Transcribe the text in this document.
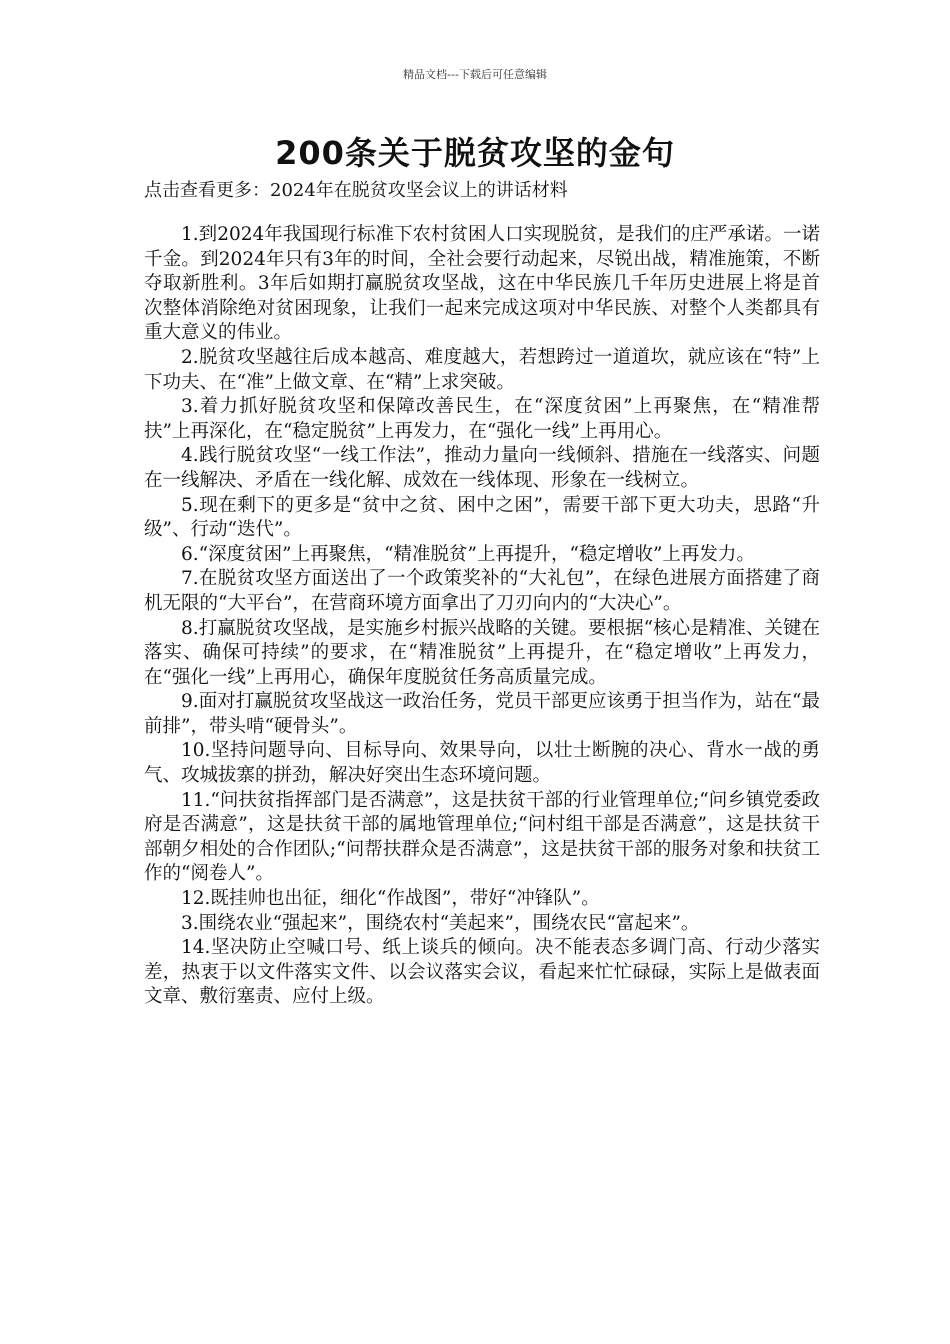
精品文档---下载后可任意编辑
200条关于脱贫攻坚的金句
点击查看更多：2024年在脱贫攻坚会议上的讲话材料

1.到2024年我国现行标准下农村贫困人口实现脱贫，是我们的庄严承诺。一诺千金。到2024年只有3年的时间，全社会要行动起来，尽锐出战，精准施策，不断夺取新胜利。3年后如期打赢脱贫攻坚战，这在中华民族几千年历史进展上将是首次整体消除绝对贫困现象，让我们一起来完成这项对中华民族、对整个人类都具有重大意义的伟业。

2.脱贫攻坚越往后成本越高、难度越大，若想跨过一道道坎，就应该在“特”上下功夫、在“准”上做文章、在“精”上求突破。

3.着力抓好脱贫攻坚和保障改善民生，在“深度贫困”上再聚焦，在“精准帮扶”上再深化，在“稳定脱贫”上再发力，在“强化一线”上再用心。

4.践行脱贫攻坚“一线工作法”，推动力量向一线倾斜、措施在一线落实、问题在一线解决、矛盾在一线化解、成效在一线体现、形象在一线树立。

5.现在剩下的更多是“贫中之贫、困中之困”，需要干部下更大功夫，思路“升级”、行动“迭代”。

6.“深度贫困”上再聚焦，“精准脱贫”上再提升，“稳定增收”上再发力。

7.在脱贫攻坚方面送出了一个政策奖补的“大礼包”，在绿色进展方面搭建了商机无限的“大平台”，在营商环境方面拿出了刀刃向内的“大决心”。

8.打赢脱贫攻坚战，是实施乡村振兴战略的关键。要根据“核心是精准、关键在落实、确保可持续”的要求，在“精准脱贫”上再提升，在“稳定增收”上再发力，在“强化一线”上再用心，确保年度脱贫任务高质量完成。

9.面对打赢脱贫攻坚战这一政治任务，党员干部更应该勇于担当作为，站在“最前排”，带头啃“硬骨头”。

10.坚持问题导向、目标导向、效果导向，以壮士断腕的决心、背水一战的勇气、攻城拔寨的拼劲，解决好突出生态环境问题。

11.“问扶贫指挥部门是否满意”，这是扶贫干部的行业管理单位;“问乡镇党委政府是否满意”，这是扶贫干部的属地管理单位;“问村组干部是否满意”，这是扶贫干部朝夕相处的合作团队;“问帮扶群众是否满意”，这是扶贫干部的服务对象和扶贫工作的“阅卷人”。

12.既挂帅也出征，细化“作战图”，带好“冲锋队”。

3.围绕农业“强起来”，围绕农村“美起来”，围绕农民“富起来”。

14.坚决防止空喊口号、纸上谈兵的倾向。决不能表态多调门高、行动少落实差，热衷于以文件落实文件、以会议落实会议，看起来忙忙碌碌，实际上是做表面文章、敷衍塞责、应付上级。
